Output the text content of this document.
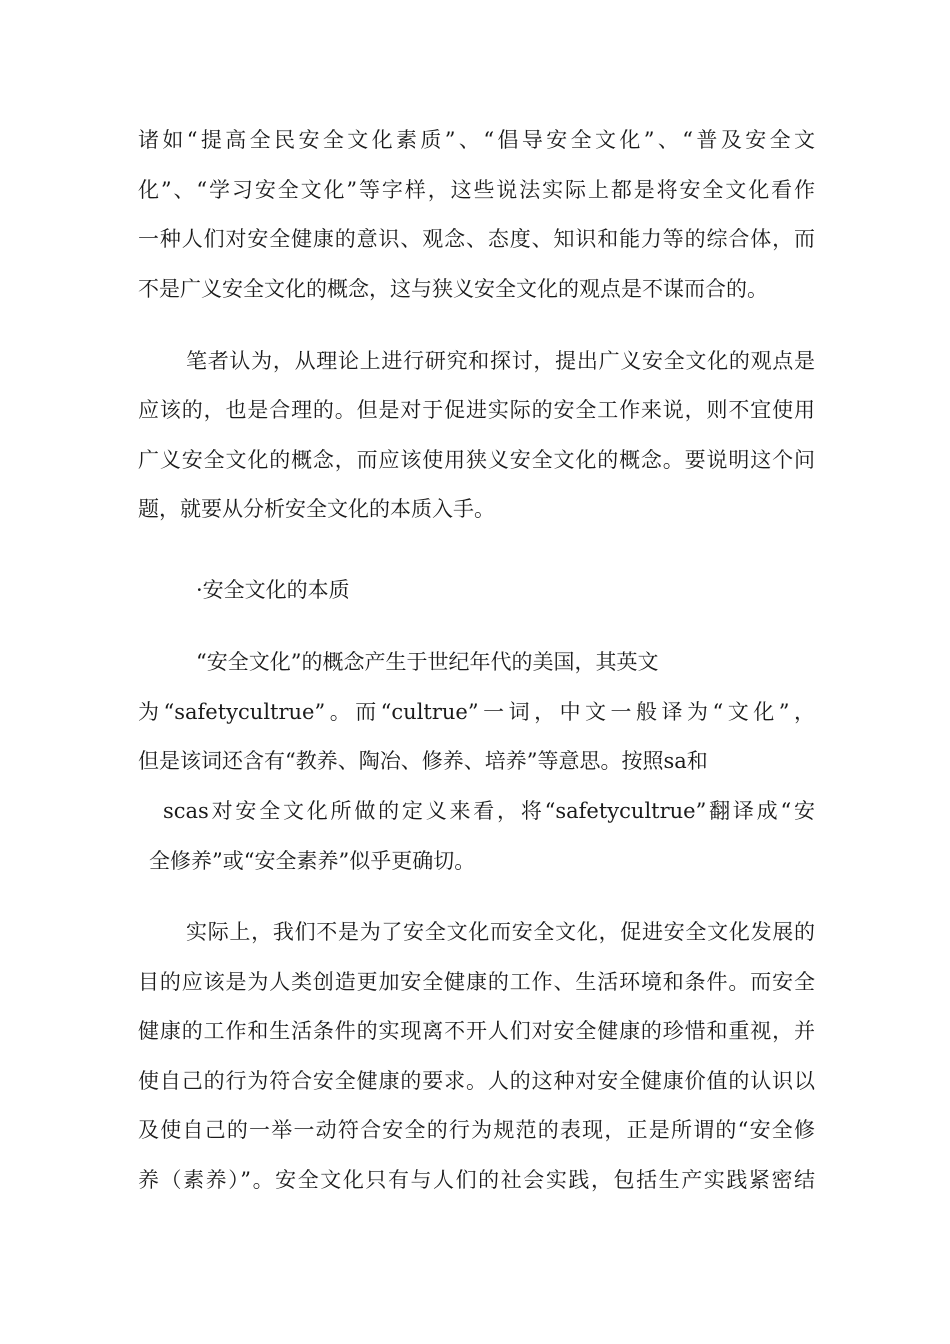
诸如“提高全民安全文化素质”、“倡导安全文化”、“普及安全文
化”、“学习安全文化”等字样，这些说法实际上都是将安全文化看作
一种人们对安全健康的意识、观念、态度、知识和能力等的综合体，而
不是广义安全文化的概念，这与狭义安全文化的观点是不谋而合的。
笔者认为，从理论上进行研究和探讨，提出广义安全文化的观点是
应该的，也是合理的。但是对于促进实际的安全工作来说，则不宜使用
广义安全文化的概念，而应该使用狭义安全文化的概念。要说明这个问
题，就要从分析安全文化的本质入手。
·安全文化的本质
“安全文化”的概念产生于世纪年代的美国，其英文
为“safetycultrue”。而“cultrue”一词，中文一般译为“文化”，
但是该词还含有“教养、陶冶、修养、培养”等意思。按照sa和
scas对安全文化所做的定义来看，将“safetycultrue”翻译成“安
全修养”或“安全素养”似乎更确切。
实际上，我们不是为了安全文化而安全文化，促进安全文化发展的
目的应该是为人类创造更加安全健康的工作、生活环境和条件。而安全
健康的工作和生活条件的实现离不开人们对安全健康的珍惜和重视，并
使自己的行为符合安全健康的要求。人的这种对安全健康价值的认识以
及使自己的一举一动符合安全的行为规范的表现，正是所谓的“安全修
养（素养）”。安全文化只有与人们的社会实践，包括生产实践紧密结
